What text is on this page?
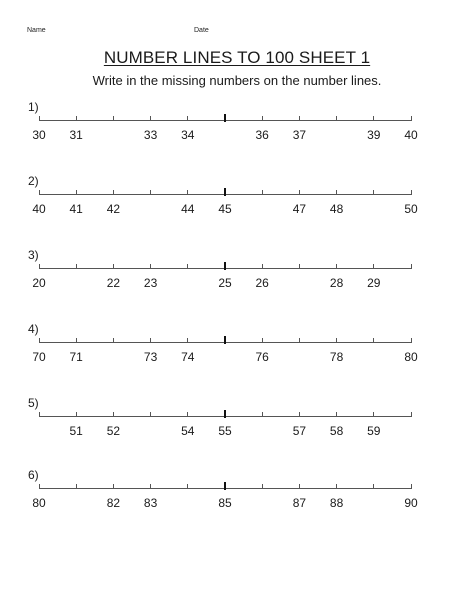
Name	Date
NUMBER LINES TO 100 SHEET 1
Write in the missing numbers on the number lines.
1)
30	31	33	34	36	37	39	40
2)
40	41	42	44	45	47	48	50
3)
20	22	23	25	26	28	29
4)
70	71	73	74	76	78	80
5)
51	52	54	55	57	58	59
6)
80	82	83	85	87	88	90
